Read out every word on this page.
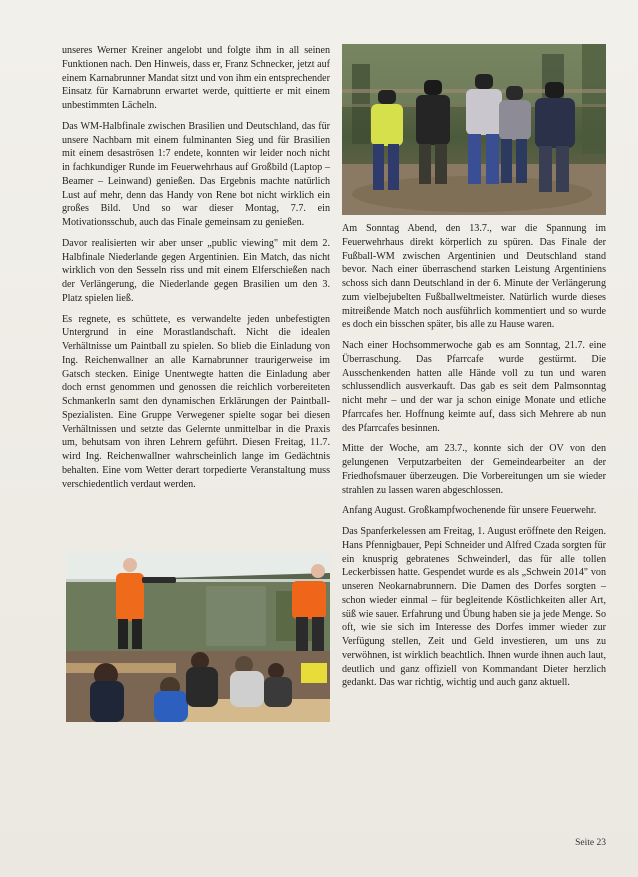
unseres Werner Kreiner angelobt und folgte ihm in all seinen Funktionen nach. Den Hinweis, dass er, Franz Schnecker, jetzt auf einem Karnabrunner Mandat sitzt und von ihm ein entsprechender Einsatz für Karnabrunn erwartet werde, quittierte er mit einem unbestimmten Lächeln.

Das WM-Halbfinale zwischen Brasilien und Deutschland, das für unsere Nachbarn mit einem fulminanten Sieg und für Brasilien mit einem desaströsen 1:7 endete, konnten wir leider noch nicht in fachkundiger Runde im Feuerwehrhaus auf Großbild (Laptop – Beamer – Leinwand) genießen. Das Ergebnis machte natürlich Lust auf mehr, denn das Handy von Rene bot nicht wirklich ein großes Bild. Und so war dieser Montag, 7.7. ein Motivationsschub, auch das Finale gemeinsam zu genießen.

Davor realisierten wir aber unser „public viewing" mit dem 2. Halbfinale Niederlande gegen Argentinien. Ein Match, das nicht wirklich von den Sesseln riss und mit einem Elferschießen nach der Verlängerung, die Niederlande gegen Brasilien um den 3. Platz spielen ließ.

Es regnete, es schüttete, es verwandelte jeden unbefestigten Untergrund in eine Morastlandschaft. Nicht die idealen Verhältnisse um Paintball zu spielen. So blieb die Einladung von Ing. Reichenwallner an alle Karnabrunner traurigerweise im Gatsch stecken. Einige Unentwegte hatten die Einladung aber doch ernst genommen und genossen die reichlich vorbereiteten Schmankerln samt den dynamischen Erklärungen der Paintball-Spezialisten. Eine Gruppe Verwegener spielte sogar bei diesen Verhältnissen und setzte das Gelernte unmittelbar in die Praxis um, behutsam von ihren Lehrern geführt. Diesen Freitag, 11.7. wird Ing. Reichenwallner wahrscheinlich lange im Gedächtnis behalten. Eine vom Wetter derart torpedierte Veranstaltung muss verschiedentlich verdaut werden.

Am Sonntag Abend, den 13.7., war die Spannung im Feuerwehrhaus direkt körperlich zu spüren. Das Finale der Fußball-WM zwischen Argentinien und Deutschland stand bevor. Nach einer überraschend starken Leistung Argentiniens schoss sich dann Deutschland in der 6. Minute der Verlängerung zum vielbejubelten Fußballweltmeister. Natürlich wurde dieses mitreißende Match noch ausführlich kommentiert und so wurde es doch ein bisschen später, bis alle zu Hause waren.

Nach einer Hochsommerwoche gab es am Sonntag, 21.7. eine Überraschung. Das Pfarrcafe wurde gestürmt. Die Ausschenkenden hatten alle Hände voll zu tun und waren schlussendlich ausverkauft. Das gab es seit dem Palmsonntag nicht mehr – und der war ja schon einige Monate und etliche Pfarrcafes her. Hoffnung keimte auf, dass sich Mehrere ab nun des Pfarrcafes besinnen.

Mitte der Woche, am 23.7., konnte sich der OV von den gelungenen Verputzarbeiten der Gemeindearbeiter an der Friedhofsmauer überzeugen. Die Vorbereitungen um sie wieder strahlen zu lassen waren abgeschlossen.

Anfang August. Großkampfwochenende für unsere Feuerwehr.

Das Spanferkelessen am Freitag, 1. August eröffnete den Reigen. Hans Pfennigbauer, Pepi Schneider und Alfred Czada sorgten für ein knusprig gebratenes Schweinderl, das für alle tollen Leckerbissen hatte. Gespendet wurde es als „Schwein 2014" von unseren Neokarnabrunnern. Die Damen des Dorfes sorgten – schon wieder einmal – für begleitende Köstlichkeiten aller Art, süß wie sauer. Erfahrung und Übung haben sie ja jede Menge. So oft, wie sie sich im Interesse des Dorfes immer wieder zur Verfügung stellen, Zeit und Geld investieren, um uns zu verwöhnen, ist wirklich beachtlich. Ihnen wurde ihnen auch laut, deutlich und ganz offiziell von Kommandant Dieter herzlich gedankt. Das war richtig, wichtig und auch ganz aktuell.

Seite 23
